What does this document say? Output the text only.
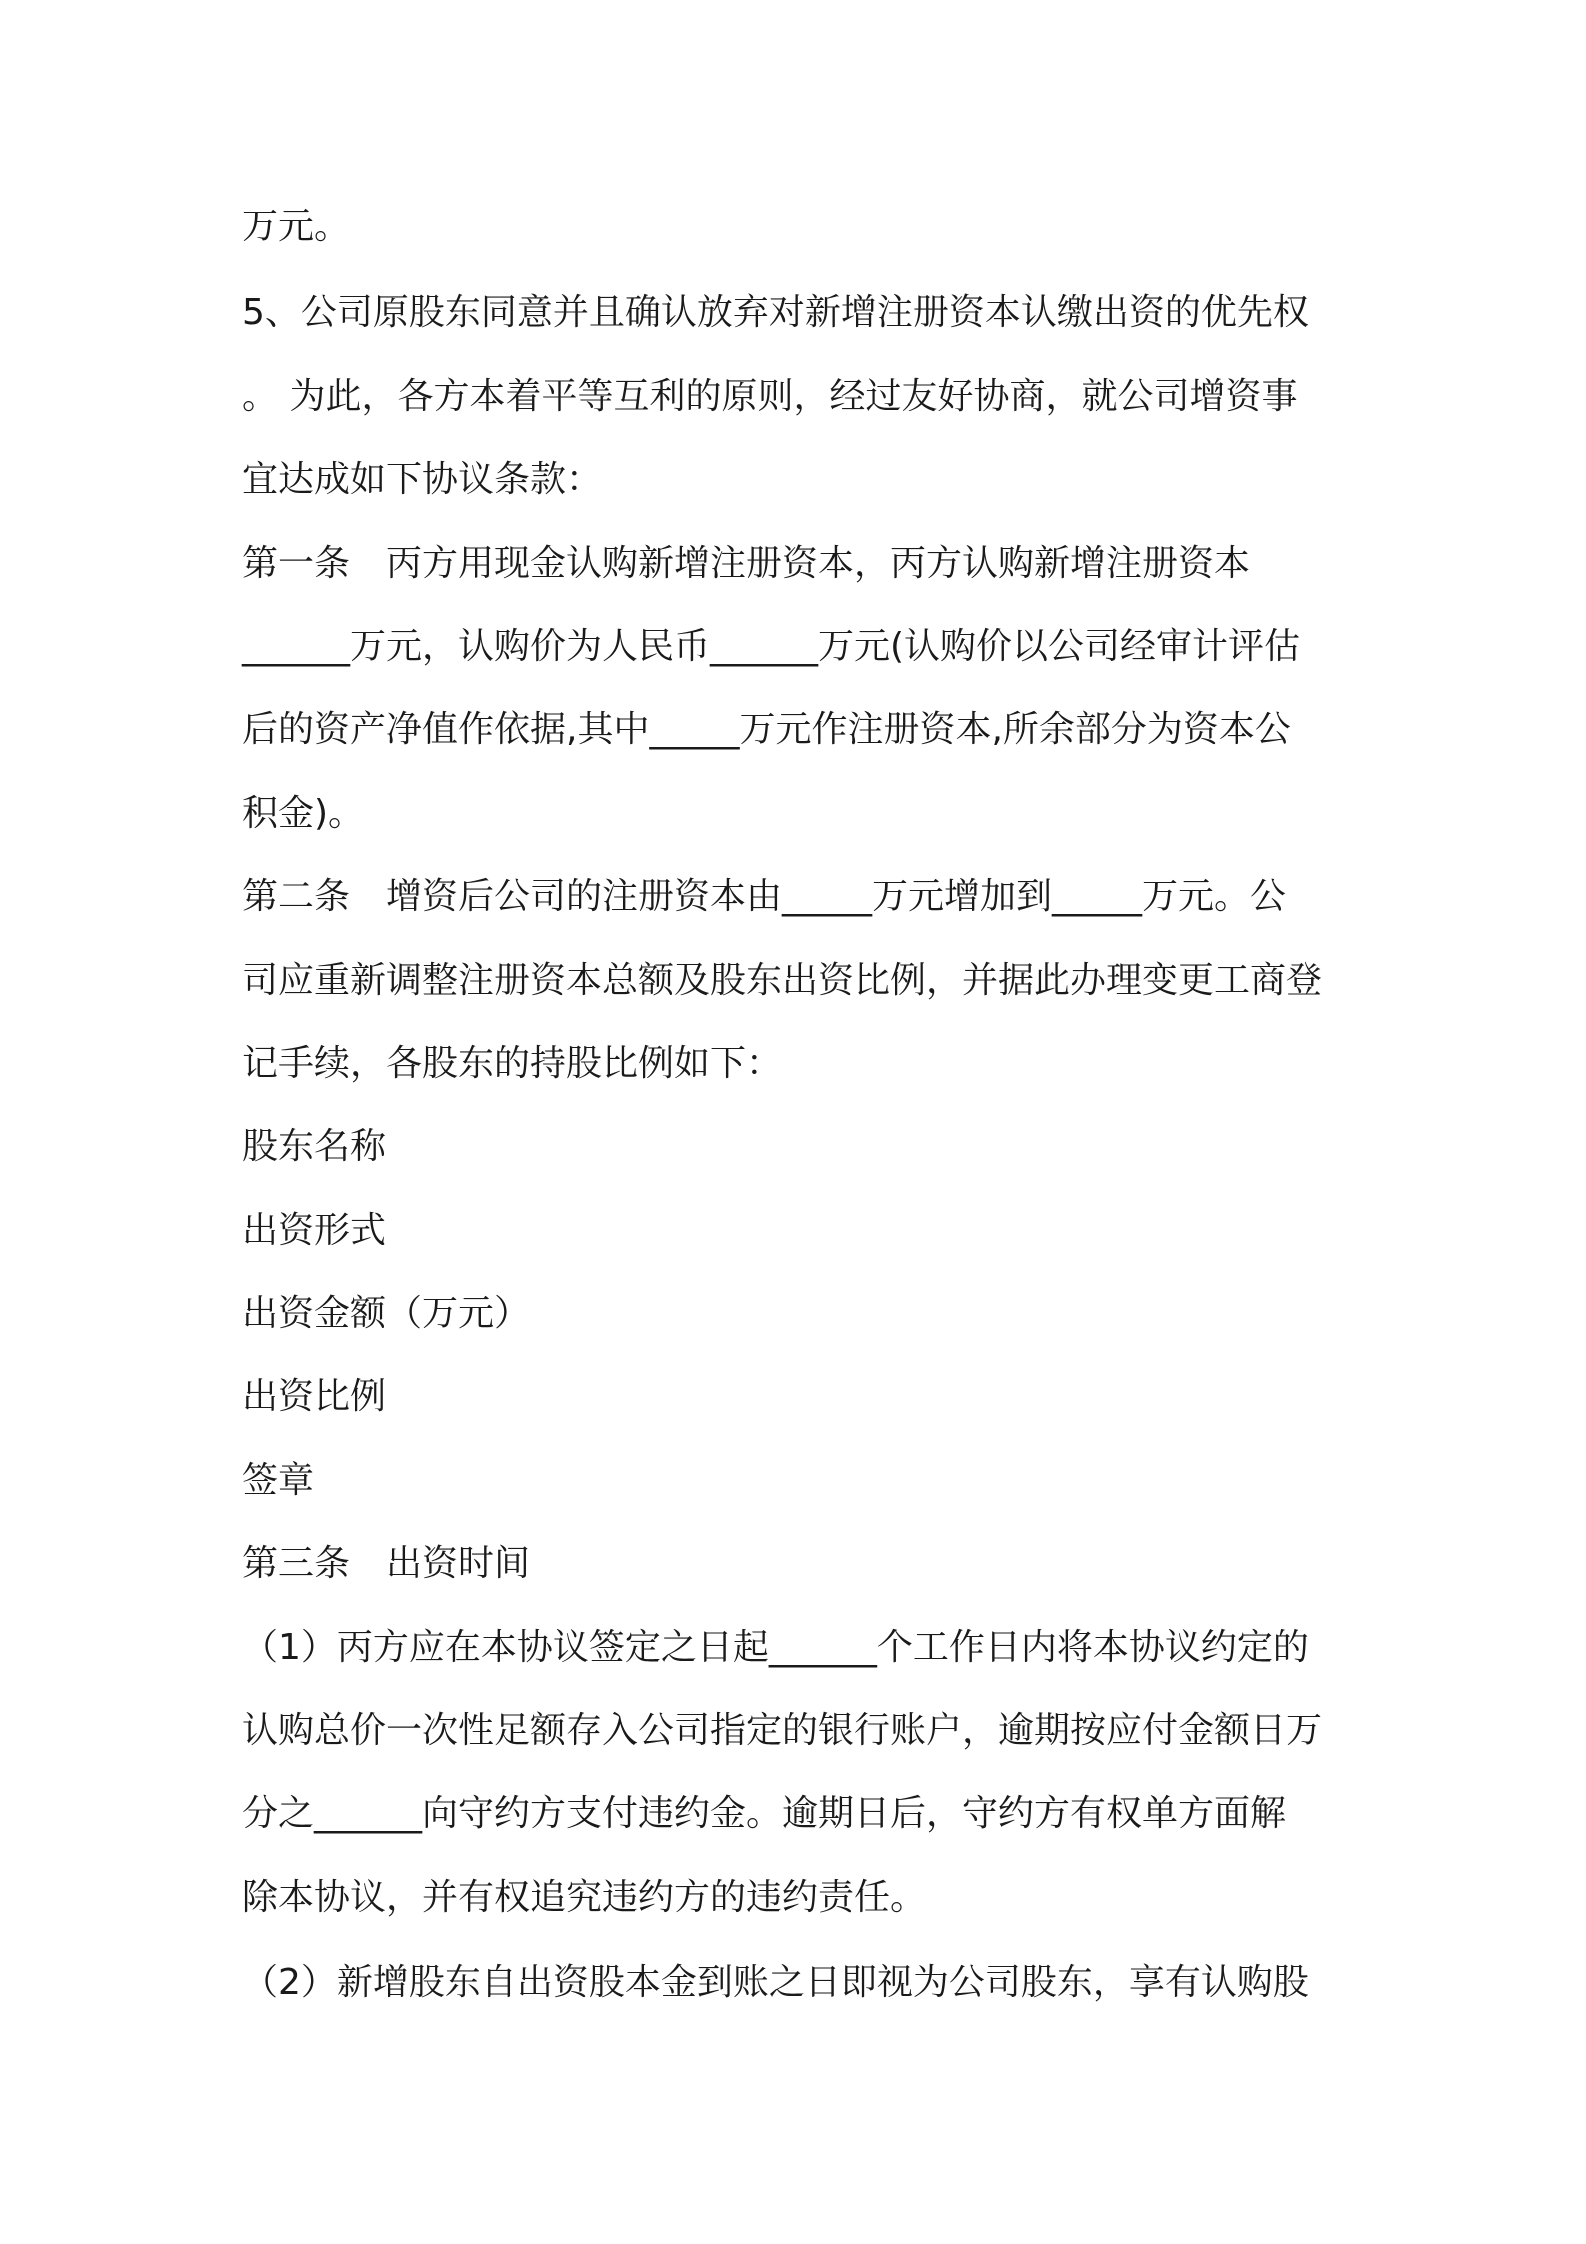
万元。
5、公司原股东同意并且确认放弃对新增注册资本认缴出资的优先权
。 为此，各方本着平等互利的原则，经过友好协商，就公司增资事
宜达成如下协议条款：
第一条　丙方用现金认购新增注册资本，丙方认购新增注册资本
______万元，认购价为人民币______万元(认购价以公司经审计评估
后的资产净值作依据,其中_____万元作注册资本,所余部分为资本公
积金)。
第二条　增资后公司的注册资本由_____万元增加到_____万元。公
司应重新调整注册资本总额及股东出资比例，并据此办理变更工商登
记手续，各股东的持股比例如下：
股东名称
出资形式
出资金额（万元）
出资比例
签章
第三条　出资时间
（1）丙方应在本协议签定之日起______个工作日内将本协议约定的
认购总价一次性足额存入公司指定的银行账户，逾期按应付金额日万
分之______向守约方支付违约金。逾期日后，守约方有权单方面解
除本协议，并有权追究违约方的违约责任。
（2）新增股东自出资股本金到账之日即视为公司股东，享有认购股
